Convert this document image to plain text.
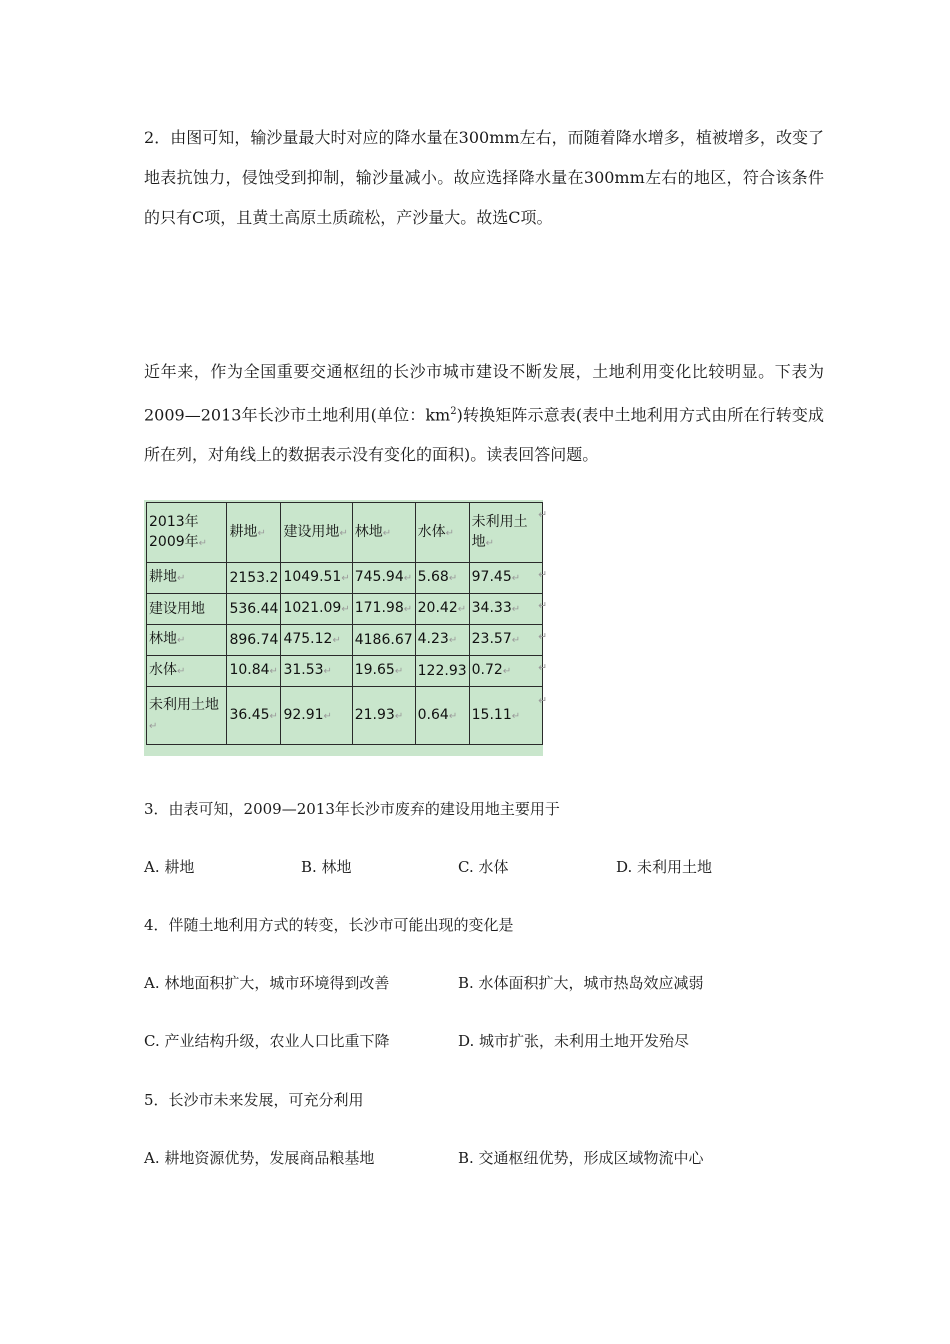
2．由图可知，输沙量最大时对应的降水量在300mm左右，而随着降水增多，植被增多，改变了地表抗蚀力，侵蚀受到抑制，输沙量减小。故应选择降水量在300mm左右的地区，符合该条件的只有C项，且黄土高原土质疏松，产沙量大。故选C项。

近年来，作为全国重要交通枢纽的长沙市城市建设不断发展，土地利用变化比较明显。下表为2009—2013年长沙市土地利用(单位：$km^2$)转换矩阵示意表(表中土地利用方式由所在行转变成所在列，对角线上的数据表示没有变化的面积)。读表回答问题。

2013年
2009年↵	耕地↵	建设用地↵	林地↵	水体↵	未利用土地↵
耕地↵	2153.2	1049.51↵	745.94↵	5.68↵	97.45↵
建设用地	536.44	1021.09↵	171.98↵	20.42↵	34.33↵
林地↵	896.74	475.12↵	4186.67	4.23↵	23.57↵
水体↵	10.84↵	31.53↵	19.65↵	122.93	0.72↵
未利用土地↵	36.45↵	92.91↵	21.93↵	0.64↵	15.11↵
↵
↵
↵
↵
↵
↵

3．由表可知，2009—2013年长沙市废弃的建设用地主要用于

A. 耕地	B. 林地	C. 水体	D. 未利用土地

4．伴随土地利用方式的转变，长沙市可能出现的变化是

A. 林地面积扩大，城市环境得到改善	B. 水体面积扩大，城市热岛效应减弱

C. 产业结构升级，农业人口比重下降	D. 城市扩张，未利用土地开发殆尽

5．长沙市未来发展，可充分利用

A. 耕地资源优势，发展商品粮基地	B. 交通枢纽优势，形成区域物流中心
